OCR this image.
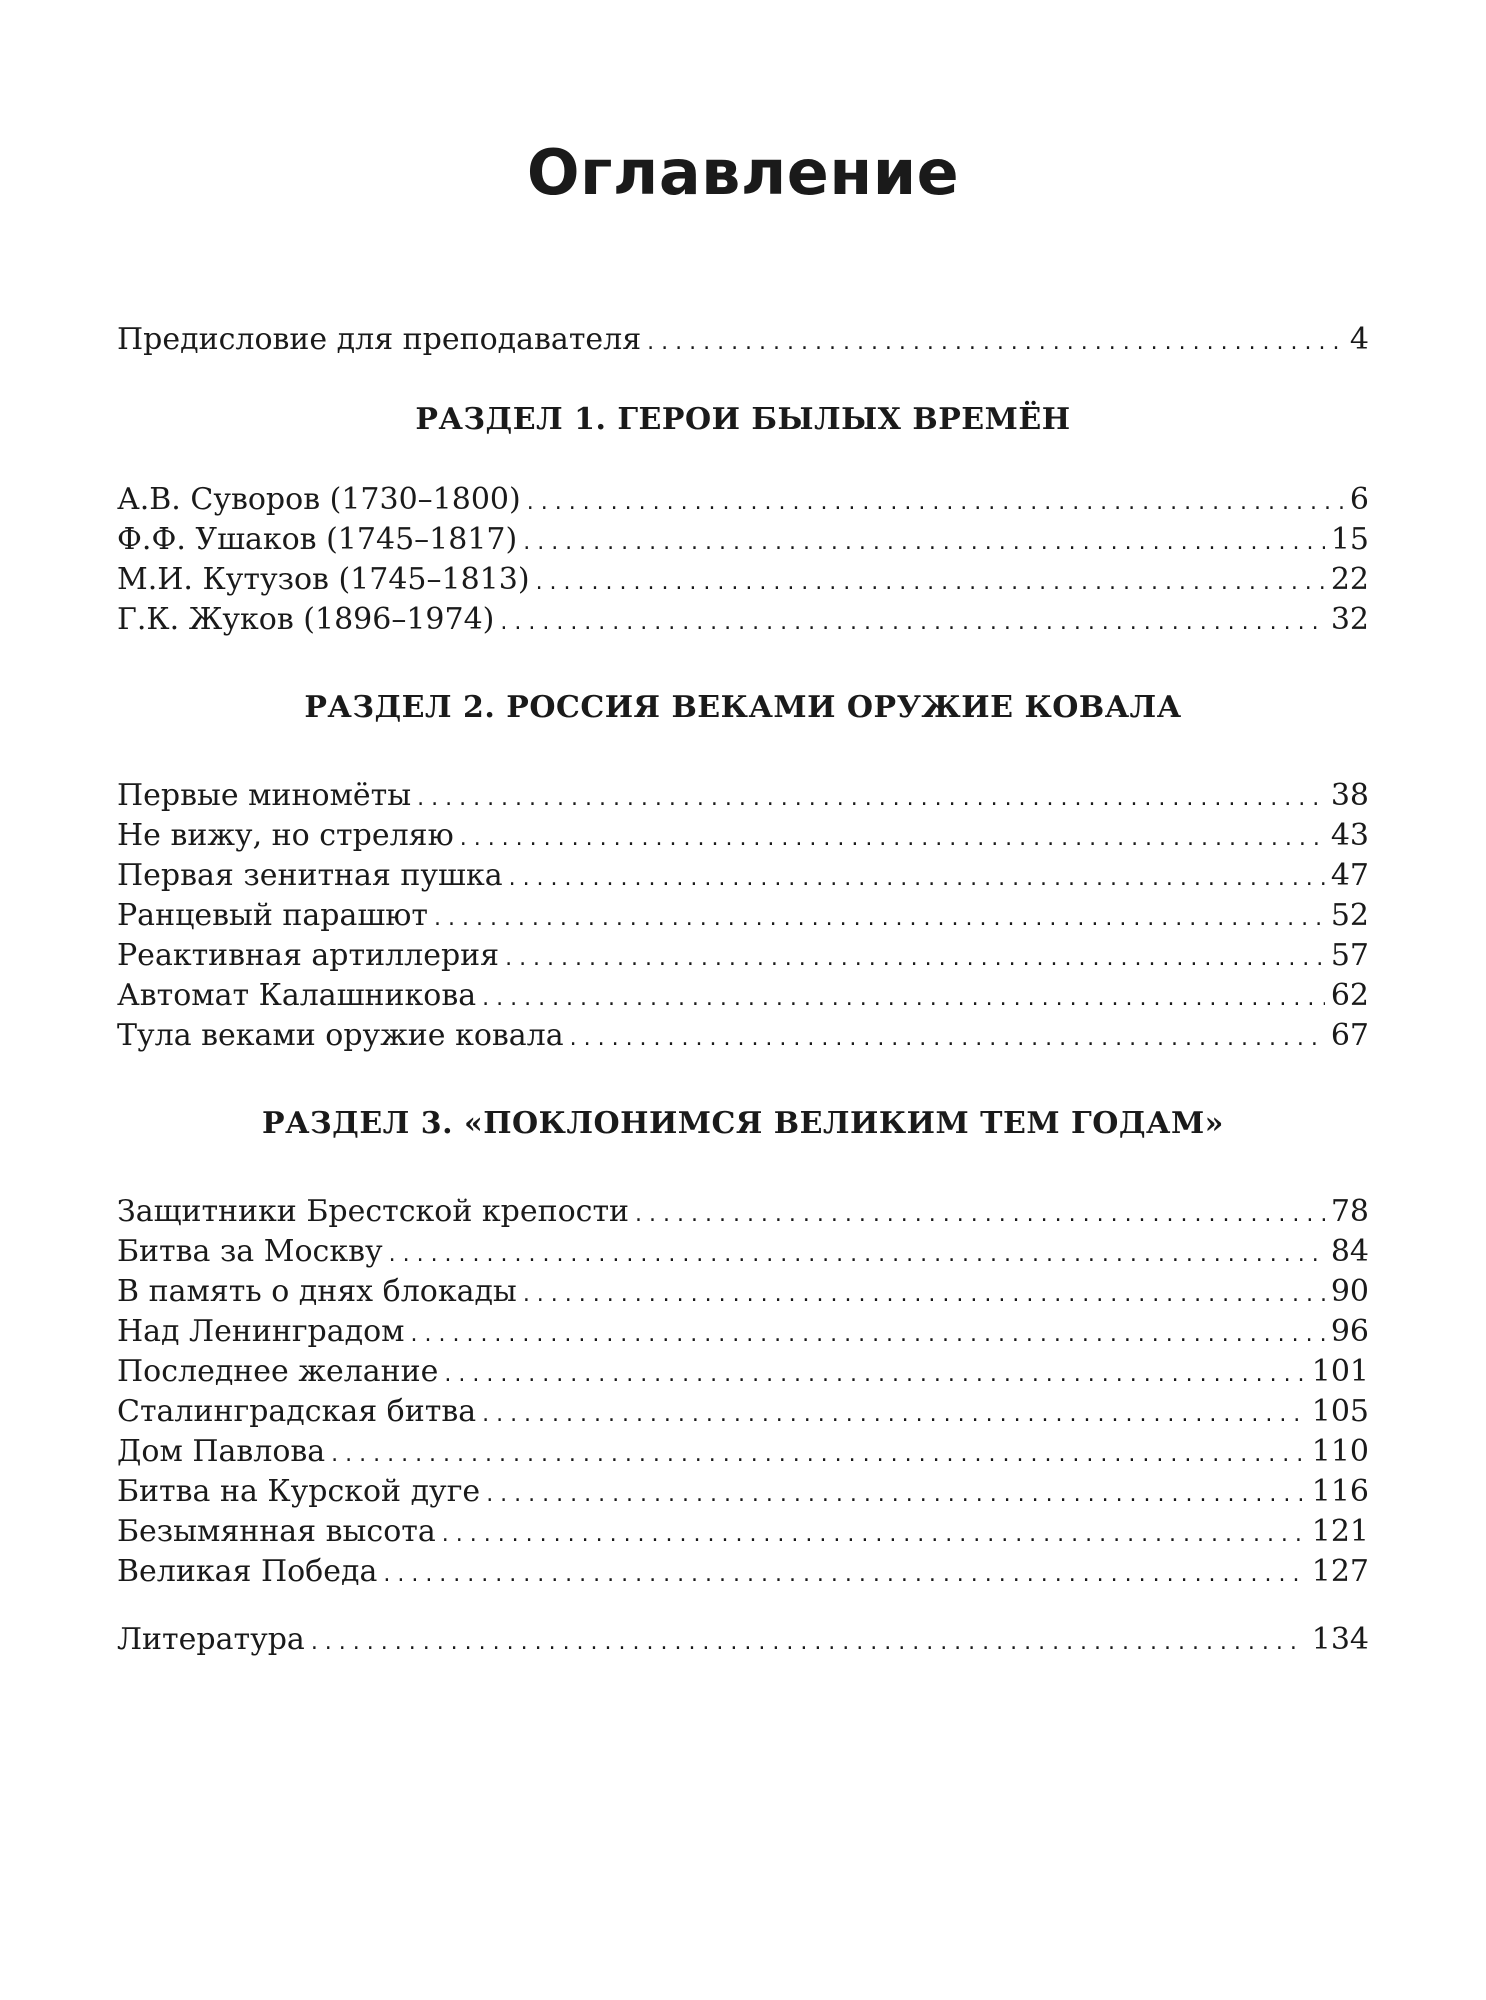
Оглавление
Предисловие для преподавателя . . .	4
РАЗДЕЛ 1. ГЕРОИ БЫЛЫХ ВРЕМЁН
А.В. Суворов (1730–1800) . . .	6
Ф.Ф. Ушаков (1745–1817) . . .	15
М.И. Кутузов (1745–1813) . . .	22
Г.К. Жуков (1896–1974) . . .	32
РАЗДЕЛ 2. РОССИЯ ВЕКАМИ ОРУЖИЕ КОВАЛА
Первые миномёты . . .	38
Не вижу, но стреляю . . .	43
Первая зенитная пушка . . .	47
Ранцевый парашют . . .	52
Реактивная артиллерия . . .	57
Автомат Калашникова . . .	62
Тула веками оружие ковала . . .	67
РАЗДЕЛ 3. «ПОКЛОНИМСЯ ВЕЛИКИМ ТЕМ ГОДАМ»
Защитники Брестской крепости . . .	78
Битва за Москву . . .	84
В память о днях блокады . . .	90
Над Ленинградом . . .	96
Последнее желание . . .	101
Сталинградская битва . . .	105
Дом Павлова . . .	110
Битва на Курской дуге . . .	116
Безымянная высота . . .	121
Великая Победа . . .	127
Литература . . .	134
